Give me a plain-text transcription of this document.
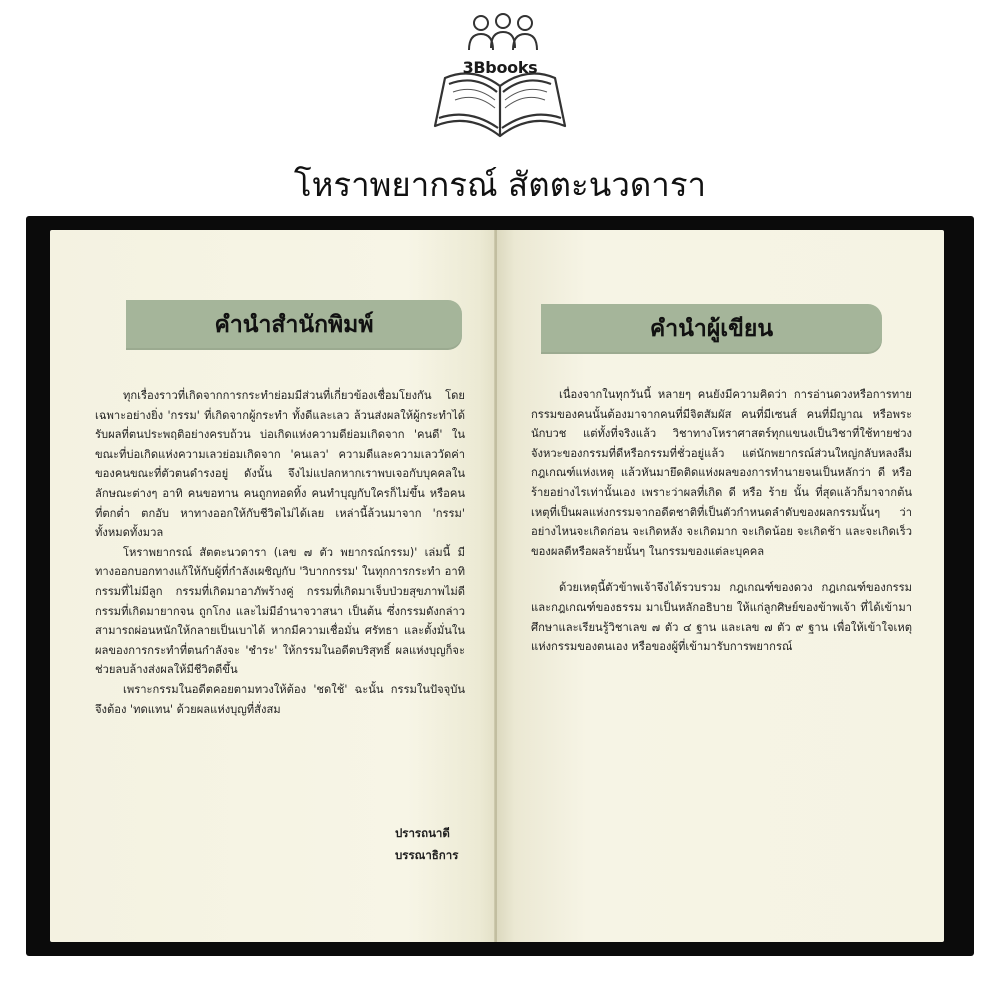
3Bbooks
โหราพยากรณ์ สัตตะนวดารา
คำนำสำนักพิมพ์

ทุกเรื่องราวที่เกิดจากการกระทำย่อมมีส่วนที่เกี่ยวข้องเชื่อมโยงกัน โดยเฉพาะอย่างยิ่ง 'กรรม' ที่เกิดจากผู้กระทำ ทั้งดีและเลว ล้วนส่งผลให้ผู้กระทำได้รับผลที่ตนประพฤติอย่างครบถ้วน บ่อเกิดแห่งความดีย่อมเกิดจาก 'คนดี' ในขณะที่บ่อเกิดแห่งความเลวย่อมเกิดจาก 'คนเลว' ความดีและความเลววัดค่าของคนขณะที่ตัวตนดำรงอยู่ ดังนั้น จึงไม่แปลกหากเราพบเจอกับบุคคลในลักษณะต่างๆ อาทิ คนขอทาน คนถูกทอดทิ้ง คนทำบุญกับใครก็ไม่ขึ้น หรือคนที่ตกต่ำ ตกอับ หาทางออกให้กับชีวิตไม่ได้เลย เหล่านี้ล้วนมาจาก 'กรรม' ทั้งหมดทั้งมวล

โหราพยากรณ์ สัตตะนวดารา (เลข ๗ ตัว พยากรณ์กรรม)' เล่มนี้ มีทางออกบอกทางแก้ให้กับผู้ที่กำลังเผชิญกับ 'วิบากกรรม' ในทุกการกระทำ อาทิ กรรมที่ไม่มีลูก กรรมที่เกิดมาอาภัพร้างคู่ กรรมที่เกิดมาเจ็บป่วยสุขภาพไม่ดี กรรมที่เกิดมายากจน ถูกโกง และไม่มีอำนาจวาสนา เป็นต้น ซึ่งกรรมดังกล่าวสามารถผ่อนหนักให้กลายเป็นเบาได้ หากมีความเชื่อมั่น ศรัทธา และตั้งมั่นในผลของการกระทำที่ตนกำลังจะ 'ชำระ' ให้กรรมในอดีตบริสุทธิ์ ผลแห่งบุญก็จะช่วยลบล้างส่งผลให้มีชีวิตดีขึ้น

เพราะกรรมในอดีตคอยตามทวงให้ต้อง 'ชดใช้' ฉะนั้น กรรมในปัจจุบันจึงต้อง 'ทดแทน' ด้วยผลแห่งบุญที่สั่งสม

ปรารถนาดี
บรรณาธิการ
คำนำผู้เขียน

เนื่องจากในทุกวันนี้ หลายๆ คนยังมีความคิดว่า การอ่านดวงหรือการทายกรรมของคนนั้นต้องมาจากคนที่มีจิตสัมผัส คนที่มีเซนส์ คนที่มีญาณ หรือพระนักบวช แต่ทั้งที่จริงแล้ว วิชาทางโหราศาสตร์ทุกแขนงเป็นวิชาที่ใช้ทายช่วงจังหวะของกรรมที่ดีหรือกรรมที่ชั่วอยู่แล้ว แต่นักพยากรณ์ส่วนใหญ่กลับหลงลืมกฎเกณฑ์แห่งเหตุ แล้วหันมายึดติดแห่งผลของการทำนายจนเป็นหลักว่า ดี หรือ ร้ายอย่างไรเท่านั้นเอง เพราะว่าผลที่เกิด ดี หรือ ร้าย นั้น ที่สุดแล้วก็มาจากต้นเหตุที่เป็นผลแห่งกรรมจากอดีตชาติที่เป็นตัวกำหนดลำดับของผลกรรมนั้นๆ ว่าอย่างไหนจะเกิดก่อน จะเกิดหลัง จะเกิดมาก จะเกิดน้อย จะเกิดช้า และจะเกิดเร็ว ของผลดีหรือผลร้ายนั้นๆ ในกรรมของแต่ละบุคคล

ด้วยเหตุนี้ตัวข้าพเจ้าจึงได้รวบรวม กฎเกณฑ์ของดวง กฎเกณฑ์ของกรรม และกฎเกณฑ์ของธรรม มาเป็นหลักอธิบาย ให้แก่ลูกศิษย์ของข้าพเจ้า ที่ได้เข้ามาศึกษาและเรียนรู้วิชาเลข ๗ ตัว ๔ ฐาน และเลข ๗ ตัว ๙ ฐาน เพื่อให้เข้าใจเหตุแห่งกรรมของตนเอง หรือของผู้ที่เข้ามารับการพยากรณ์
